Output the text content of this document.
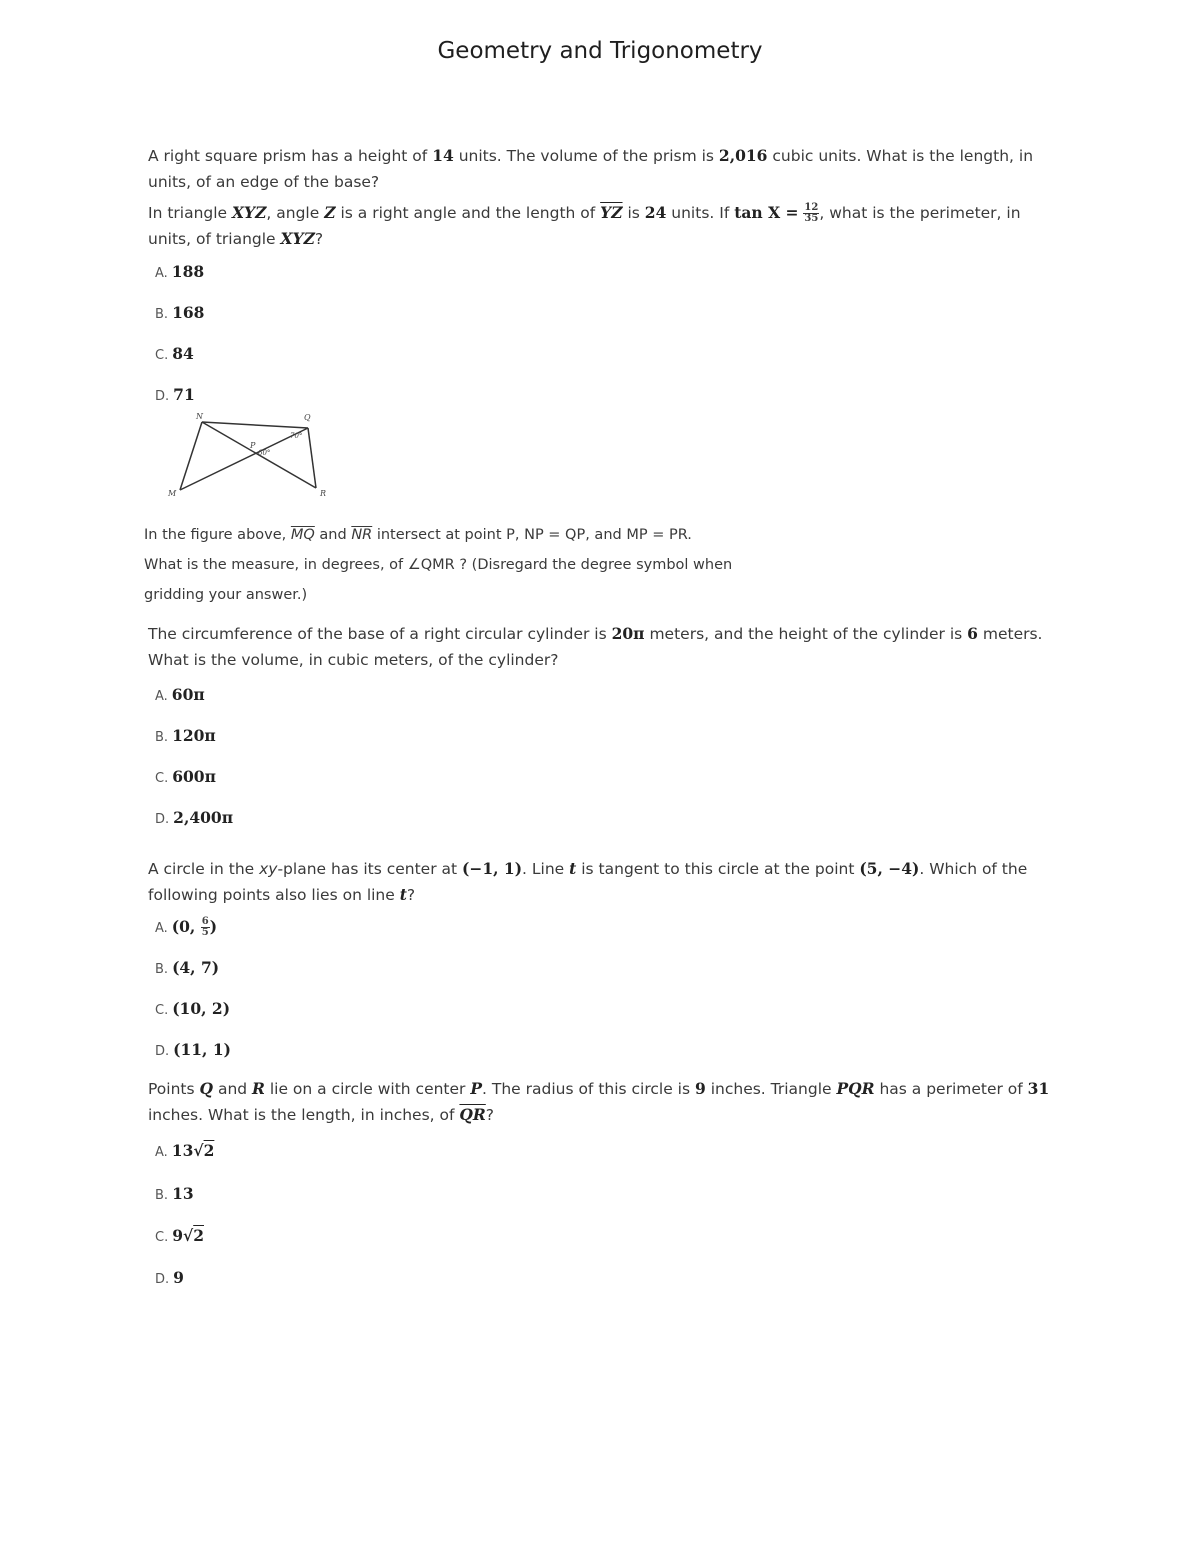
Geometry and Trigonometry
A right square prism has a height of 14 units. The volume of the prism is 2,016 cubic units. What is the length, in units, of an edge of the base?
In triangle XYZ, angle Z is a right angle and the length of $\overline{YZ}$ is 24 units. If $\tan X = \frac{12}{35}$ , what is the perimeter, in units, of triangle XYZ?
A. 188
B. 168
C. 84
D. 71
N	Q
P
M	R
60°
70°
In the figure above, $\overline{MQ}$ and $\overline{NR}$ intersect at point P, NP = QP, and MP = PR.
What is the measure, in degrees, of ∠QMR ? (Disregard the degree symbol when
gridding your answer.)
The circumference of the base of a right circular cylinder is 20π meters, and the height of the cylinder is 6 meters. What is the volume, in cubic meters, of the cylinder?
A. 60π
B. 120π
C. 600π
D. 2,400π
A circle in the xy-plane has its center at (−1, 1). Line t is tangent to this circle at the point (5, −4). Which of the following points also lies on line t?
A. (0, $\frac{6}{5}$ )
B. (4, 7)
C. (10, 2)
D. (11, 1)
Points Q and R lie on a circle with center P. The radius of this circle is 9 inches. Triangle PQR has a perimeter of 31 inches. What is the length, in inches, of $\overline{QR}$?
A. 13√2
B. 13
C. 9√2
D. 9
